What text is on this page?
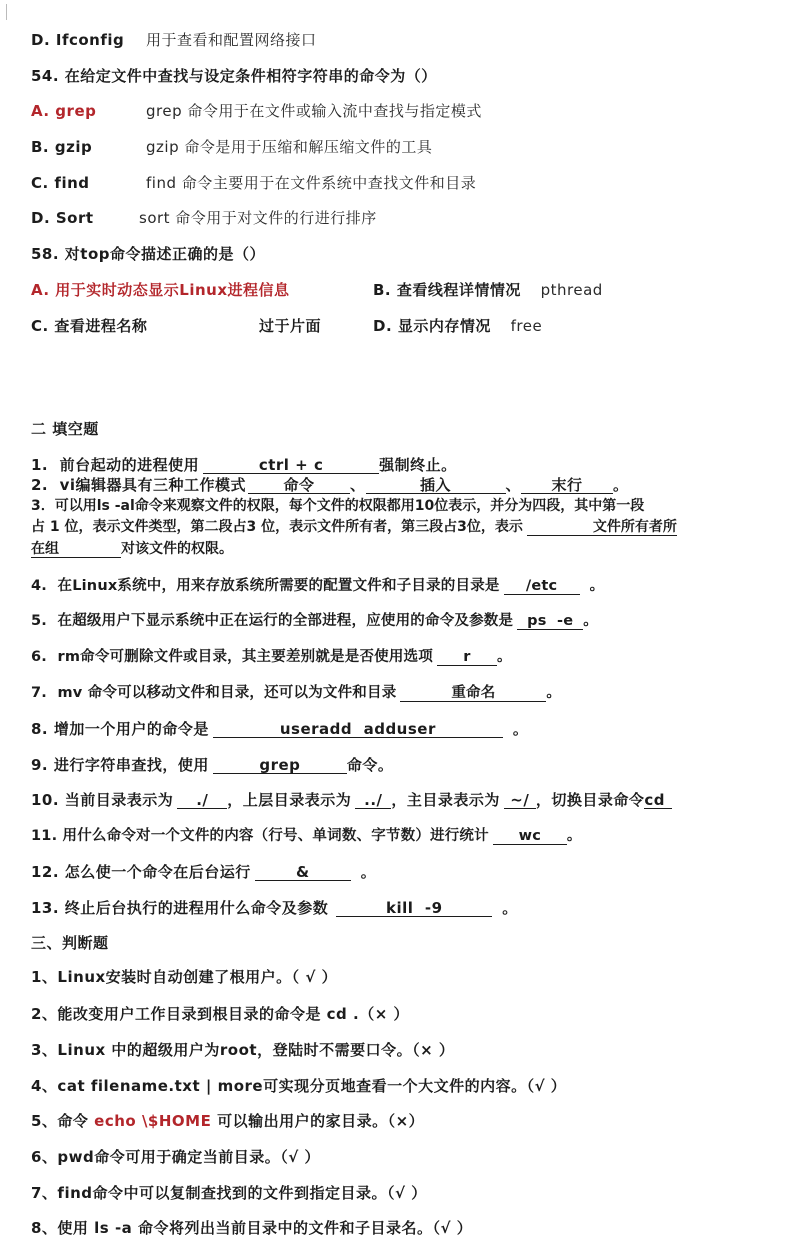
D. Ifconfig 用于查看和配置网络接口
54. 在给定文件中查找与设定条件相符字符串的命令为（）
A. grep	grep 命令用于在文件或输入流中查找与指定模式
B. gzip	gzip 命令是用于压缩和解压缩文件的工具
C. find	find 命令主要用于在文件系统中查找文件和目录
D. Sort	sort 命令用于对文件的行进行排序
58. 对top命令描述正确的是（）
A. 用于实时动态显示Linux进程信息	B. 查看线程详情情况 pthread
C. 查看进程名称	过于片面	D. 显示内存情况 free
二 填空题
1.  前台起动的进程使用	ctrl + c	强制终止。
2.  vi编辑器具有三种工作模式 命令 、	插入	、 末行 。
3．可以用ls -al命令来观察文件的权限，每个文件的权限都用10位表示，并分为四段，其中第一段
占 1 位，表示文件类型，第二段占3 位，表示文件所有者，第三段占3位，表示	文件所有者所
在组	对该文件的权限。
4.  在Linux系统中，用来存放系统所需要的配置文件和子目录的目录是 /etc 。
5.  在超级用户下显示系统中正在运行的全部进程，应使用的命令及参数是 ps  -e 。
6.  rm命令可删除文件或目录，其主要差别就是是否使用选项 r 。
7.  mv 命令可以移动文件和目录，还可以为文件和目录	重命名	。
8. 增加一个用户的命令是	useradd  adduser	。
9. 进行字符串查找，使用	grep	命令。
10. 当前目录表示为 ./ ，上层目录表示为 ../ ，主目录表示为 ~/ ，切换目录命令cd
11. 用什么命令对一个文件的内容（行号、单词数、字节数）进行统计 wc 。
12. 怎么使一个命令在后台运行	&	。
13. 终止后台执行的进程用什么命令及参数	kill  -9	。
三、判断题
1、Linux安装时自动创建了根用户。（ √ ）
2、能改变用户工作目录到根目录的命令是 cd .（× ）
3、Linux 中的超级用户为root，登陆时不需要口令。（× ）
4、cat filename.txt | more可实现分页地查看一个大文件的内容。（√ ）
5、命令 echo \$HOME 可以输出用户的家目录。（×）
6、pwd命令可用于确定当前目录。（√ ）
7、find命令中可以复制查找到的文件到指定目录。（√ ）
8、使用 ls -a 命令将列出当前目录中的文件和子目录名。（√ ）
